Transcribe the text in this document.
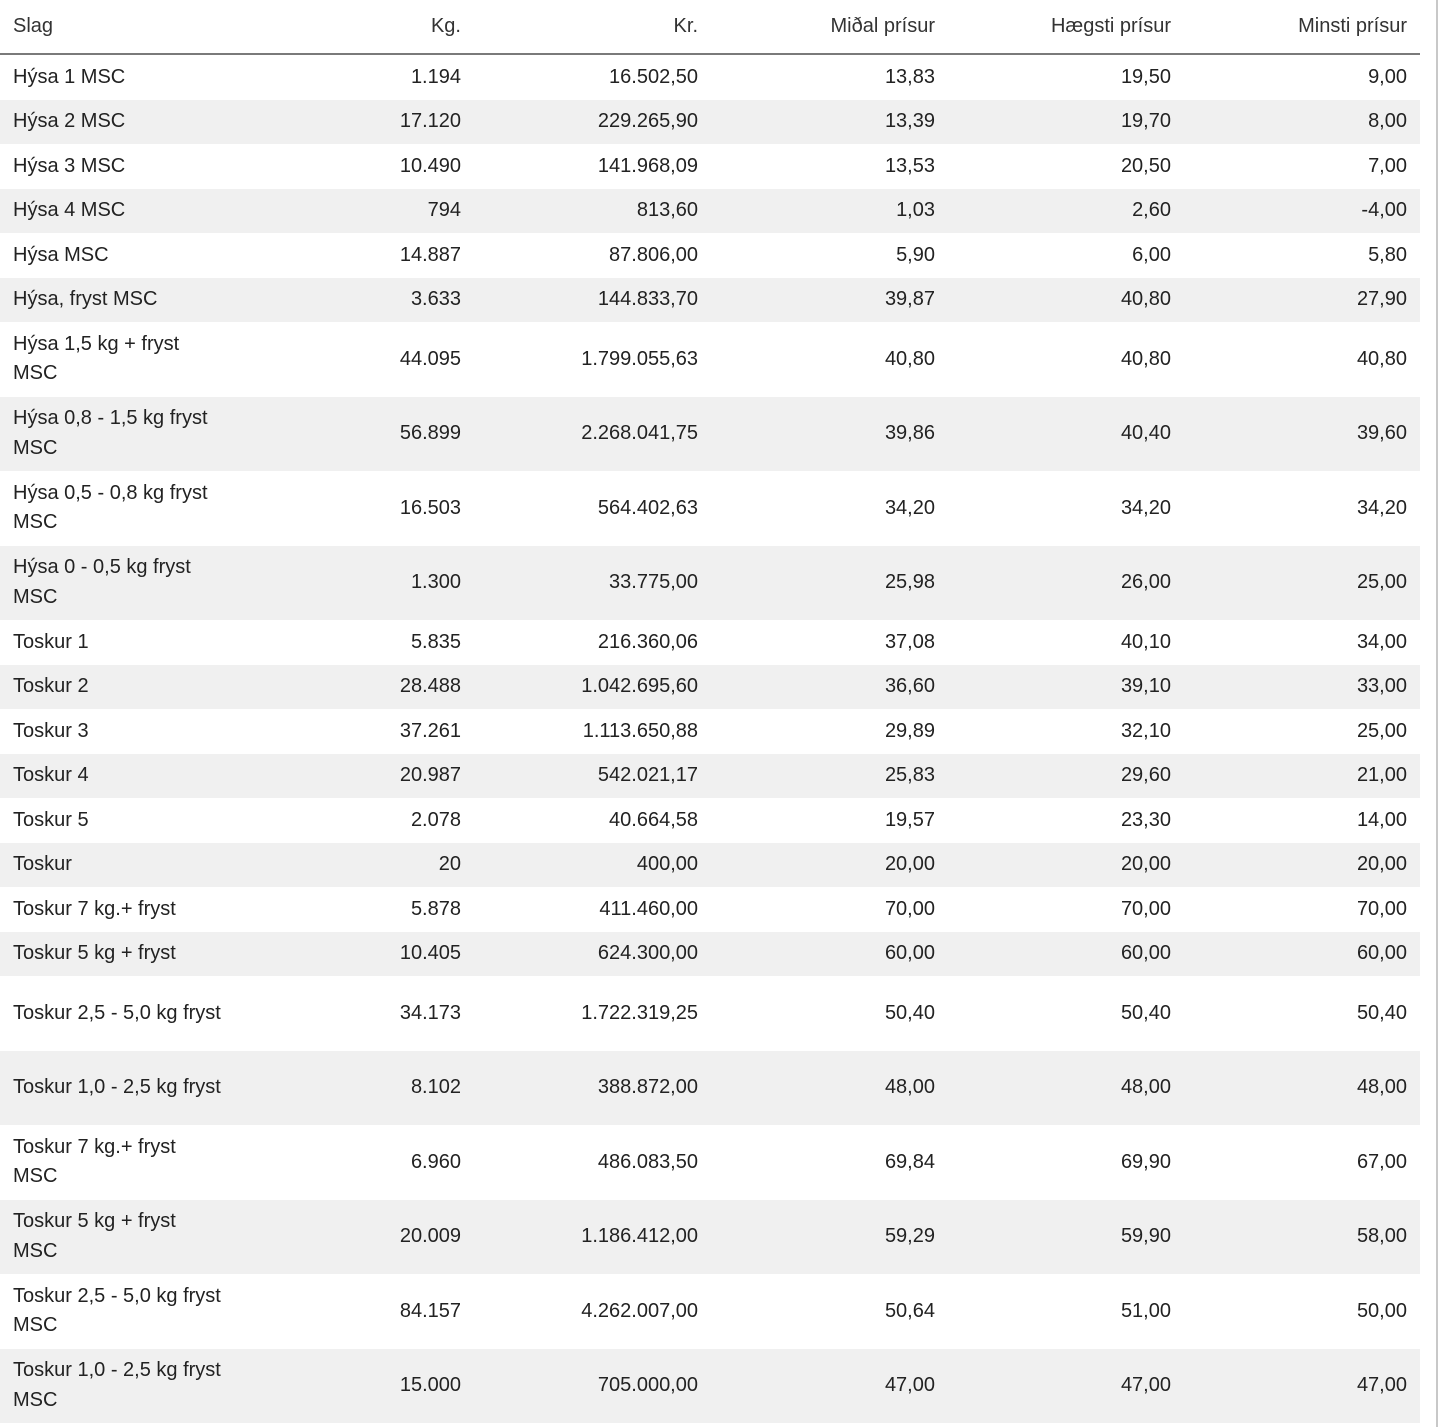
Slag	Kg.	Kr.	Miðal prísur	Hægsti prísur	Minsti prísur
Hýsa 1 MSC	1.194	16.502,50	13,83	19,50	9,00
Hýsa 2 MSC	17.120	229.265,90	13,39	19,70	8,00
Hýsa 3 MSC	10.490	141.968,09	13,53	20,50	7,00
Hýsa 4 MSC	794	813,60	1,03	2,60	-4,00
Hýsa MSC	14.887	87.806,00	5,90	6,00	5,80
Hýsa, fryst MSC	3.633	144.833,70	39,87	40,80	27,90
Hýsa 1,5 kg + fryst MSC	44.095	1.799.055,63	40,80	40,80	40,80
Hýsa 0,8 - 1,5 kg fryst MSC	56.899	2.268.041,75	39,86	40,40	39,60
Hýsa 0,5 - 0,8 kg fryst MSC	16.503	564.402,63	34,20	34,20	34,20
Hýsa 0 - 0,5 kg fryst MSC	1.300	33.775,00	25,98	26,00	25,00
Toskur 1	5.835	216.360,06	37,08	40,10	34,00
Toskur 2	28.488	1.042.695,60	36,60	39,10	33,00
Toskur 3	37.261	1.113.650,88	29,89	32,10	25,00
Toskur 4	20.987	542.021,17	25,83	29,60	21,00
Toskur 5	2.078	40.664,58	19,57	23,30	14,00
Toskur	20	400,00	20,00	20,00	20,00
Toskur 7 kg.+ fryst	5.878	411.460,00	70,00	70,00	70,00
Toskur 5 kg + fryst	10.405	624.300,00	60,00	60,00	60,00
Toskur 2,5 - 5,0 kg fryst	34.173	1.722.319,25	50,40	50,40	50,40
Toskur 1,0 - 2,5 kg fryst	8.102	388.872,00	48,00	48,00	48,00
Toskur 7 kg.+ fryst MSC	6.960	486.083,50	69,84	69,90	67,00
Toskur 5 kg + fryst MSC	20.009	1.186.412,00	59,29	59,90	58,00
Toskur 2,5 - 5,0 kg fryst MSC	84.157	4.262.007,00	50,64	51,00	50,00
Toskur 1,0 - 2,5 kg fryst MSC	15.000	705.000,00	47,00	47,00	47,00
